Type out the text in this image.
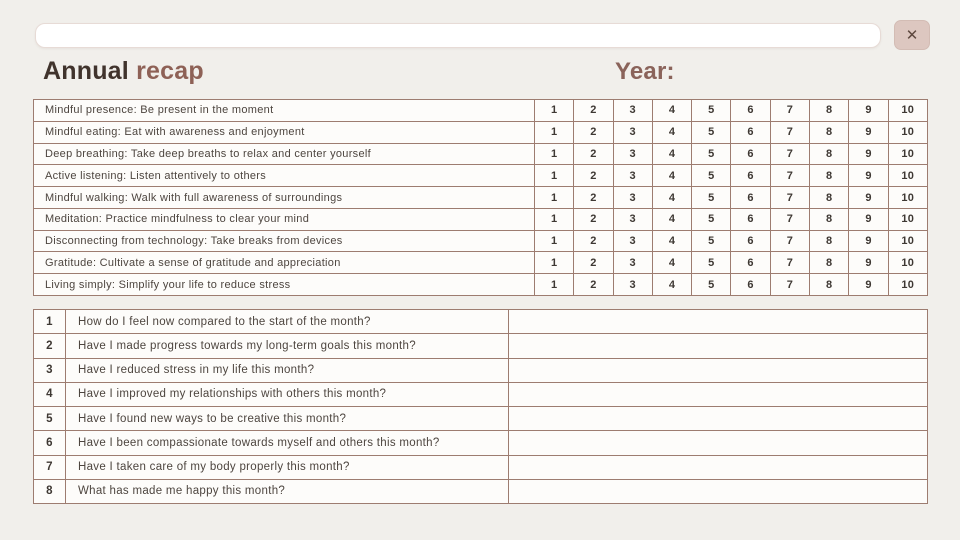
✕
Annual recap	Year:
Mindful presence: Be present in the moment	1	2	3	4	5	6	7	8	9	10
Mindful eating: Eat with awareness and enjoyment	1	2	3	4	5	6	7	8	9	10
Deep breathing: Take deep breaths to relax and center yourself	1	2	3	4	5	6	7	8	9	10
Active listening: Listen attentively to others	1	2	3	4	5	6	7	8	9	10
Mindful walking: Walk with full awareness of surroundings	1	2	3	4	5	6	7	8	9	10
Meditation: Practice mindfulness to clear your mind	1	2	3	4	5	6	7	8	9	10
Disconnecting from technology: Take breaks from devices	1	2	3	4	5	6	7	8	9	10
Gratitude: Cultivate a sense of gratitude and appreciation	1	2	3	4	5	6	7	8	9	10
Living simply: Simplify your life to reduce stress	1	2	3	4	5	6	7	8	9	10
1	How do I feel now compared to the start of the month?
2	Have I made progress towards my long-term goals this month?
3	Have I reduced stress in my life this month?
4	Have I improved my relationships with others this month?
5	Have I found new ways to be creative this month?
6	Have I been compassionate towards myself and others this month?
7	Have I taken care of my body properly this month?
8	What has made me happy this month?
